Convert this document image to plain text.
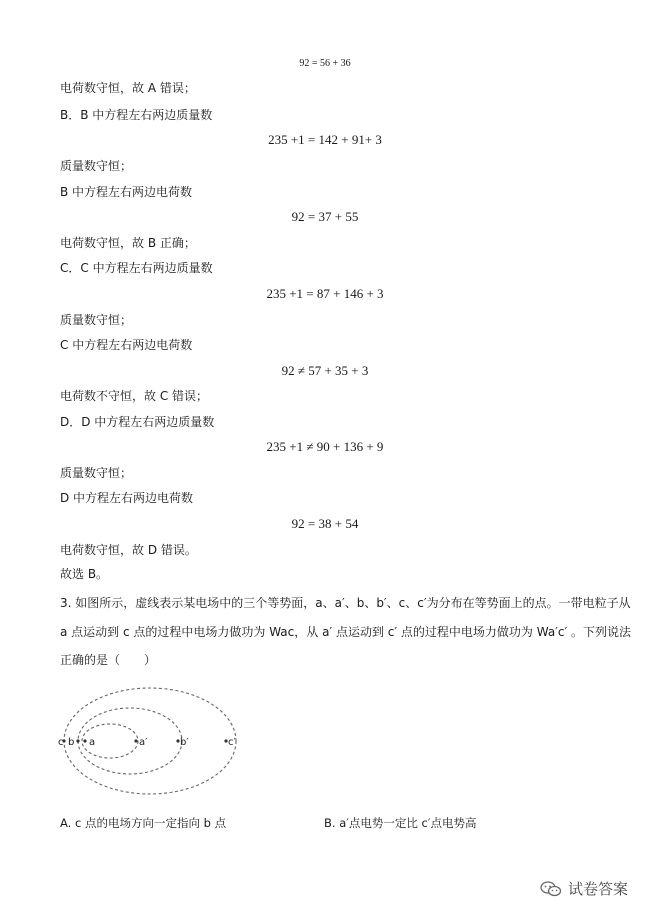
92 = 56 + 36
电荷数守恒，故 A 错误；
B．B 中方程左右两边质量数
235 +1 = 142 + 91+ 3
质量数守恒；
B 中方程左右两边电荷数
92 = 37 + 55
电荷数守恒，故 B 正确；
C．C 中方程左右两边质量数
235 +1 = 87 + 146 + 3
质量数守恒；
C 中方程左右两边电荷数
92 ≠ 57 + 35 + 3
电荷数不守恒，故 C 错误；
D．D 中方程左右两边质量数
235 +1 ≠ 90 + 136 + 9
质量数守恒；
D 中方程左右两边电荷数
92 = 38 + 54
电荷数守恒，故 D 错误。
故选 B。
3. 如图所示，虚线表示某电场中的三个等势面，a、a′、b、b′、c、c′为分布在等势面上的点。一带电粒子从
a 点运动到 c 点的过程中电场力做功为 Wac，从 a′ 点运动到 c′ 点的过程中电场力做功为 Wa′c′ 。下列说法
正确的是（　　）
c b a	a′	b′	c′
A. c 点的电场方向一定指向 b 点	B. a′点电势一定比 c′点电势高
试卷答案
